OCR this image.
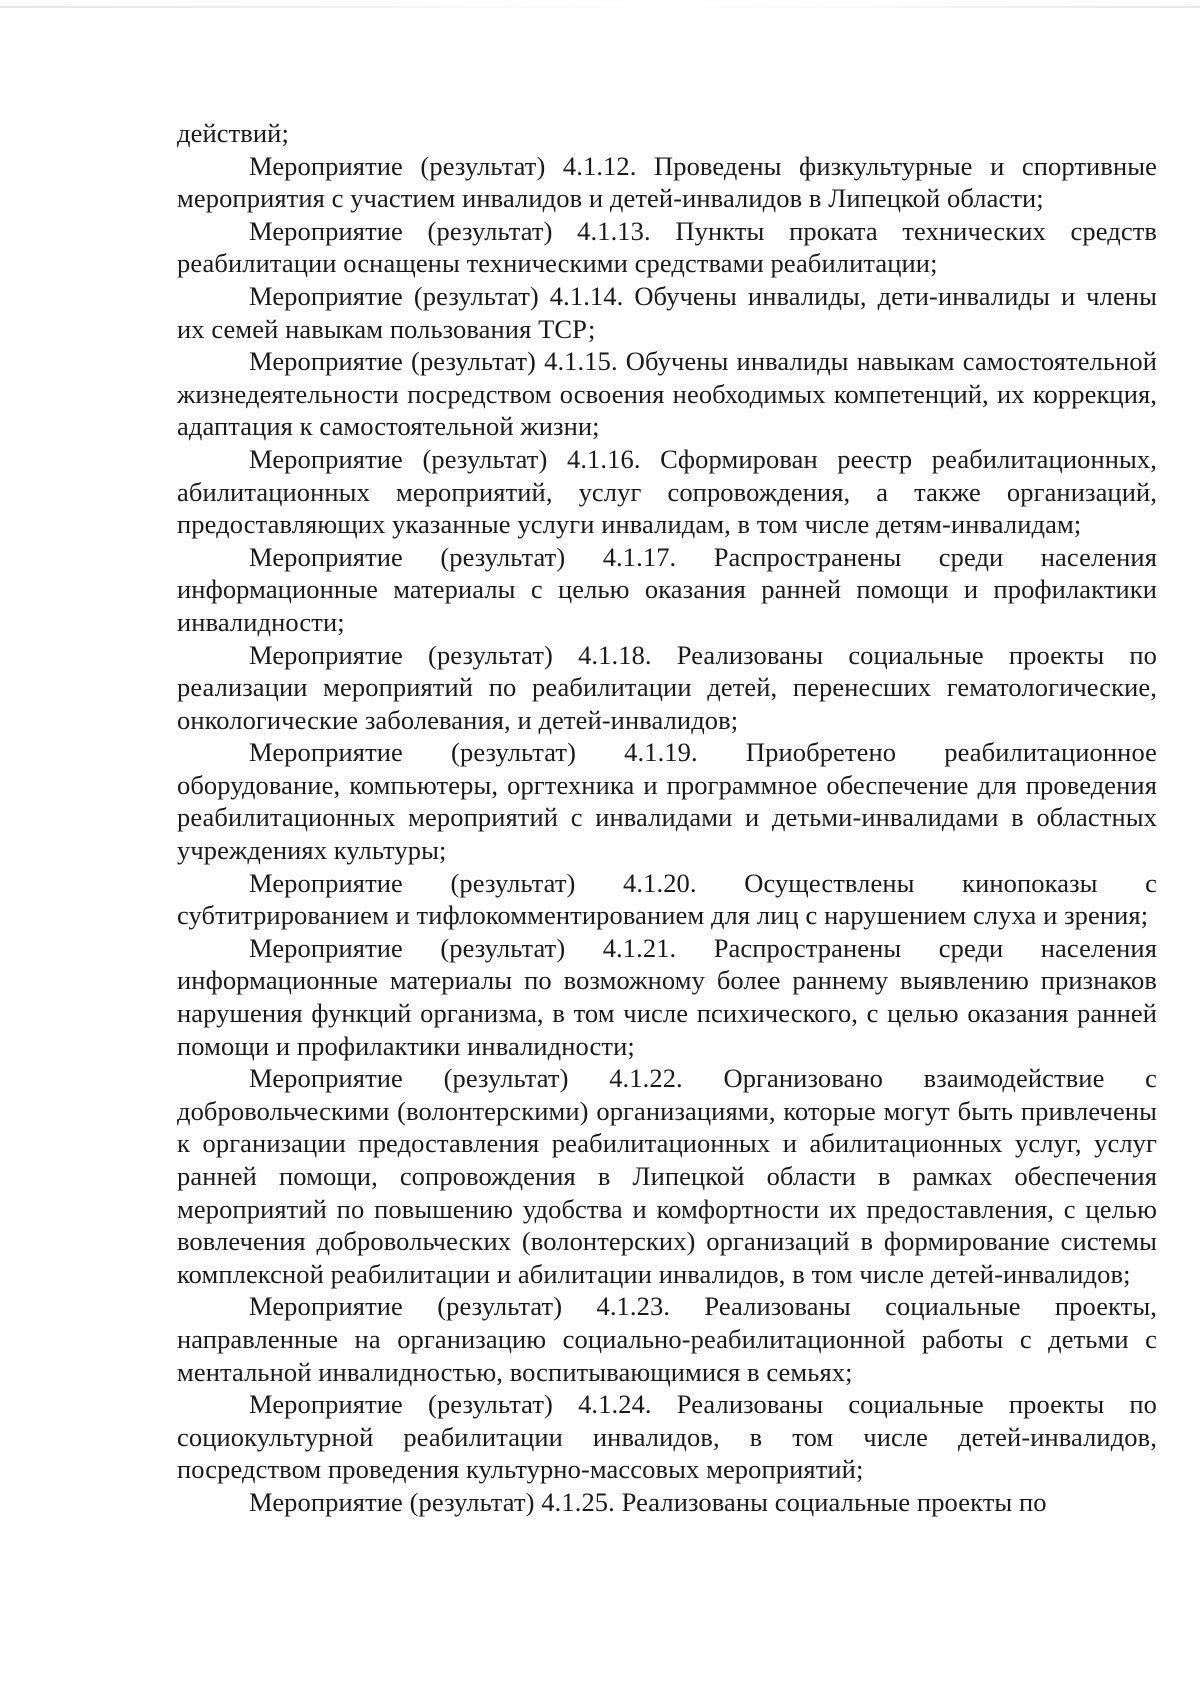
действий;

Мероприятие (результат) 4.1.12. Проведены физкультурные и спортивные мероприятия с участием инвалидов и детей-инвалидов в Липецкой области;

Мероприятие (результат) 4.1.13. Пункты проката технических средств реабилитации оснащены техническими средствами реабилитации;

Мероприятие (результат) 4.1.14. Обучены инвалиды, дети-инвалиды и члены их семей навыкам пользования ТСР;

Мероприятие (результат) 4.1.15. Обучены инвалиды навыкам самостоятельной жизнедеятельности посредством освоения необходимых компетенций, их коррекция, адаптация к самостоятельной жизни;

Мероприятие (результат) 4.1.16. Сформирован реестр реабилитационных, абилитационных мероприятий, услуг сопровождения, а также организаций, предоставляющих указанные услуги инвалидам, в том числе детям-инвалидам;

Мероприятие (результат) 4.1.17. Распространены среди населения информационные материалы с целью оказания ранней помощи и профилактики инвалидности;

Мероприятие (результат) 4.1.18. Реализованы социальные проекты по реализации мероприятий по реабилитации детей, перенесших гематологические, онкологические заболевания, и детей-инвалидов;

Мероприятие (результат) 4.1.19. Приобретено реабилитационное оборудование, компьютеры, оргтехника и программное обеспечение для проведения реабилитационных мероприятий с инвалидами и детьми-инвалидами в областных учреждениях культуры;

Мероприятие (результат) 4.1.20. Осуществлены кинопоказы с субтитрированием и тифлокомментированием для лиц с нарушением слуха и зрения;

Мероприятие (результат) 4.1.21. Распространены среди населения информационные материалы по возможному более раннему выявлению признаков нарушения функций организма, в том числе психического, с целью оказания ранней помощи и профилактики инвалидности;

Мероприятие (результат) 4.1.22. Организовано взаимодействие с добровольческими (волонтерскими) организациями, которые могут быть привлечены к организации предоставления реабилитационных и абилитационных услуг, услуг ранней помощи, сопровождения в Липецкой области в рамках обеспечения мероприятий по повышению удобства и комфортности их предоставления, с целью вовлечения добровольческих (волонтерских) организаций в формирование системы комплексной реабилитации и абилитации инвалидов, в том числе детей-инвалидов;

Мероприятие (результат) 4.1.23. Реализованы социальные проекты, направленные на организацию социально-реабилитационной работы с детьми с ментальной инвалидностью, воспитывающимися в семьях;

Мероприятие (результат) 4.1.24. Реализованы социальные проекты по социокультурной реабилитации инвалидов, в том числе детей-инвалидов, посредством проведения культурно-массовых мероприятий;

Мероприятие (результат) 4.1.25. Реализованы социальные проекты по
